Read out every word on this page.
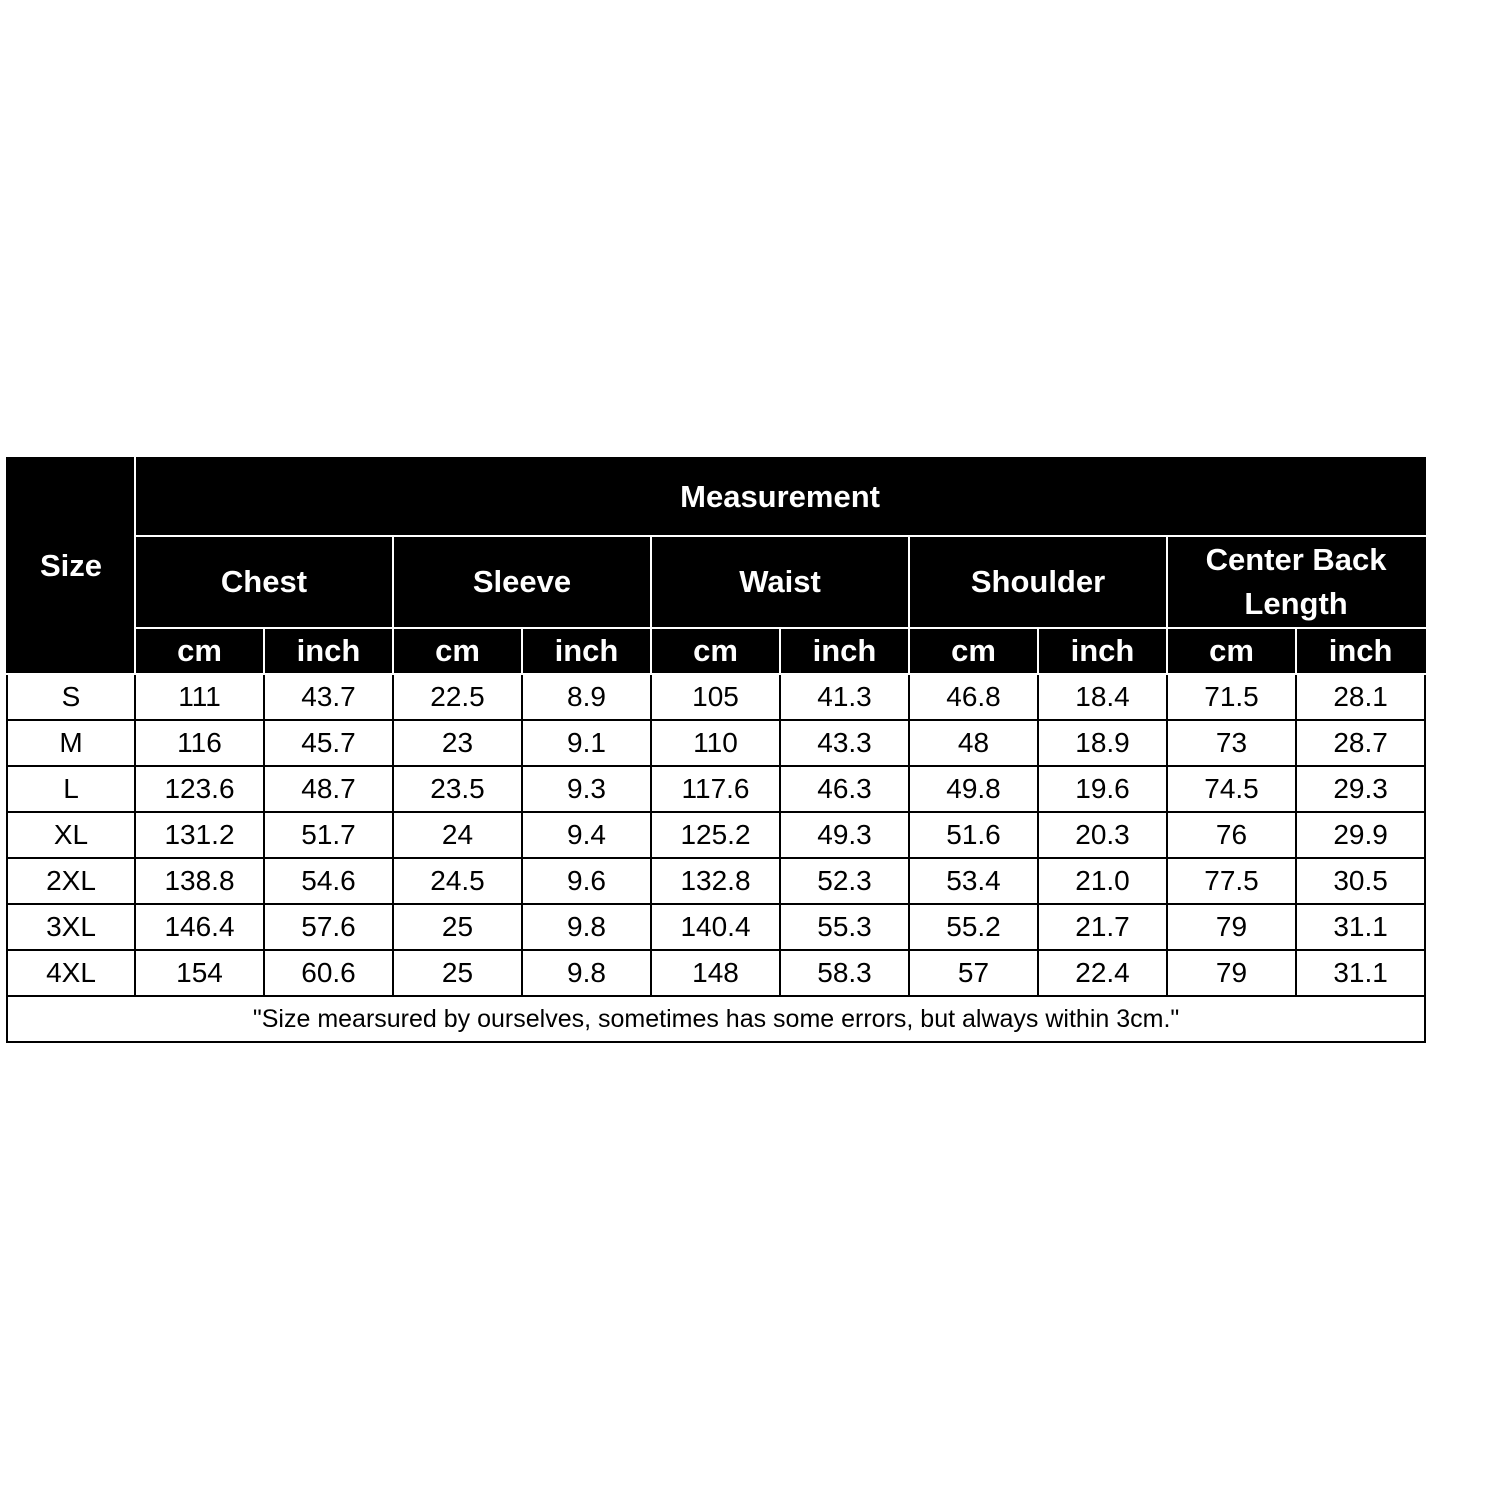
Size	Measurement									
	Chest		Sleeve		Waist		Shoulder		Center Back Length	
	cm	inch	cm	inch	cm	inch	cm	inch	cm	inch
S	111	43.7	22.5	8.9	105	41.3	46.8	18.4	71.5	28.1
M	116	45.7	23	9.1	110	43.3	48	18.9	73	28.7
L	123.6	48.7	23.5	9.3	117.6	46.3	49.8	19.6	74.5	29.3
XL	131.2	51.7	24	9.4	125.2	49.3	51.6	20.3	76	29.9
2XL	138.8	54.6	24.5	9.6	132.8	52.3	53.4	21.0	77.5	30.5
3XL	146.4	57.6	25	9.8	140.4	55.3	55.2	21.7	79	31.1
4XL	154	60.6	25	9.8	148	58.3	57	22.4	79	31.1
"Size mearsured by ourselves, sometimes has some errors, but always within 3cm."										
